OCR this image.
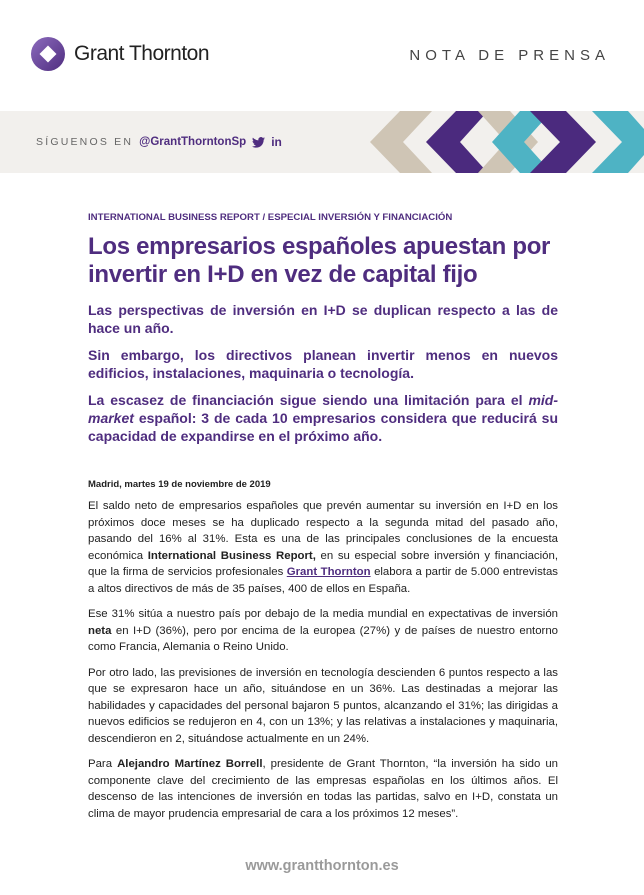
Grant Thornton	NOTA DE PRENSA
SÍGUENOS EN @GrantThorntonSp in
INTERNATIONAL BUSINESS REPORT / ESPECIAL INVERSIÓN Y FINANCIACIÓN
Los empresarios españoles apuestan por invertir en I+D en vez de capital fijo

Las perspectivas de inversión en I+D se duplican respecto a las de hace un año.

Sin embargo, los directivos planean invertir menos en nuevos edificios, instalaciones, maquinaria o tecnología.

La escasez de financiación sigue siendo una limitación para el mid-market español: 3 de cada 10 empresarios considera que reducirá su capacidad de expandirse en el próximo año.

Madrid, martes 19 de noviembre de 2019

El saldo neto de empresarios españoles que prevén aumentar su inversión en I+D en los próximos doce meses se ha duplicado respecto a la segunda mitad del pasado año, pasando del 16% al 31%. Esta es una de las principales conclusiones de la encuesta económica International Business Report, en su especial sobre inversión y financiación, que la firma de servicios profesionales Grant Thornton elabora a partir de 5.000 entrevistas a altos directivos de más de 35 países, 400 de ellos en España.

Ese 31% sitúa a nuestro país por debajo de la media mundial en expectativas de inversión neta en I+D (36%), pero por encima de la europea (27%) y de países de nuestro entorno como Francia, Alemania o Reino Unido.

Por otro lado, las previsiones de inversión en tecnología descienden 6 puntos respecto a las que se expresaron hace un año, situándose en un 36%. Las destinadas a mejorar las habilidades y capacidades del personal bajaron 5 puntos, alcanzando el 31%; las dirigidas a nuevos edificios se redujeron en 4, con un 13%; y las relativas a instalaciones y maquinaria, descendieron en 2, situándose actualmente en un 24%.

Para Alejandro Martínez Borrell, presidente de Grant Thornton, “la inversión ha sido un componente clave del crecimiento de las empresas españolas en los últimos años. El descenso de las intenciones de inversión en todas las partidas, salvo en I+D, constata un clima de mayor prudencia empresarial de cara a los próximos 12 meses”.

www.grantthornton.es
